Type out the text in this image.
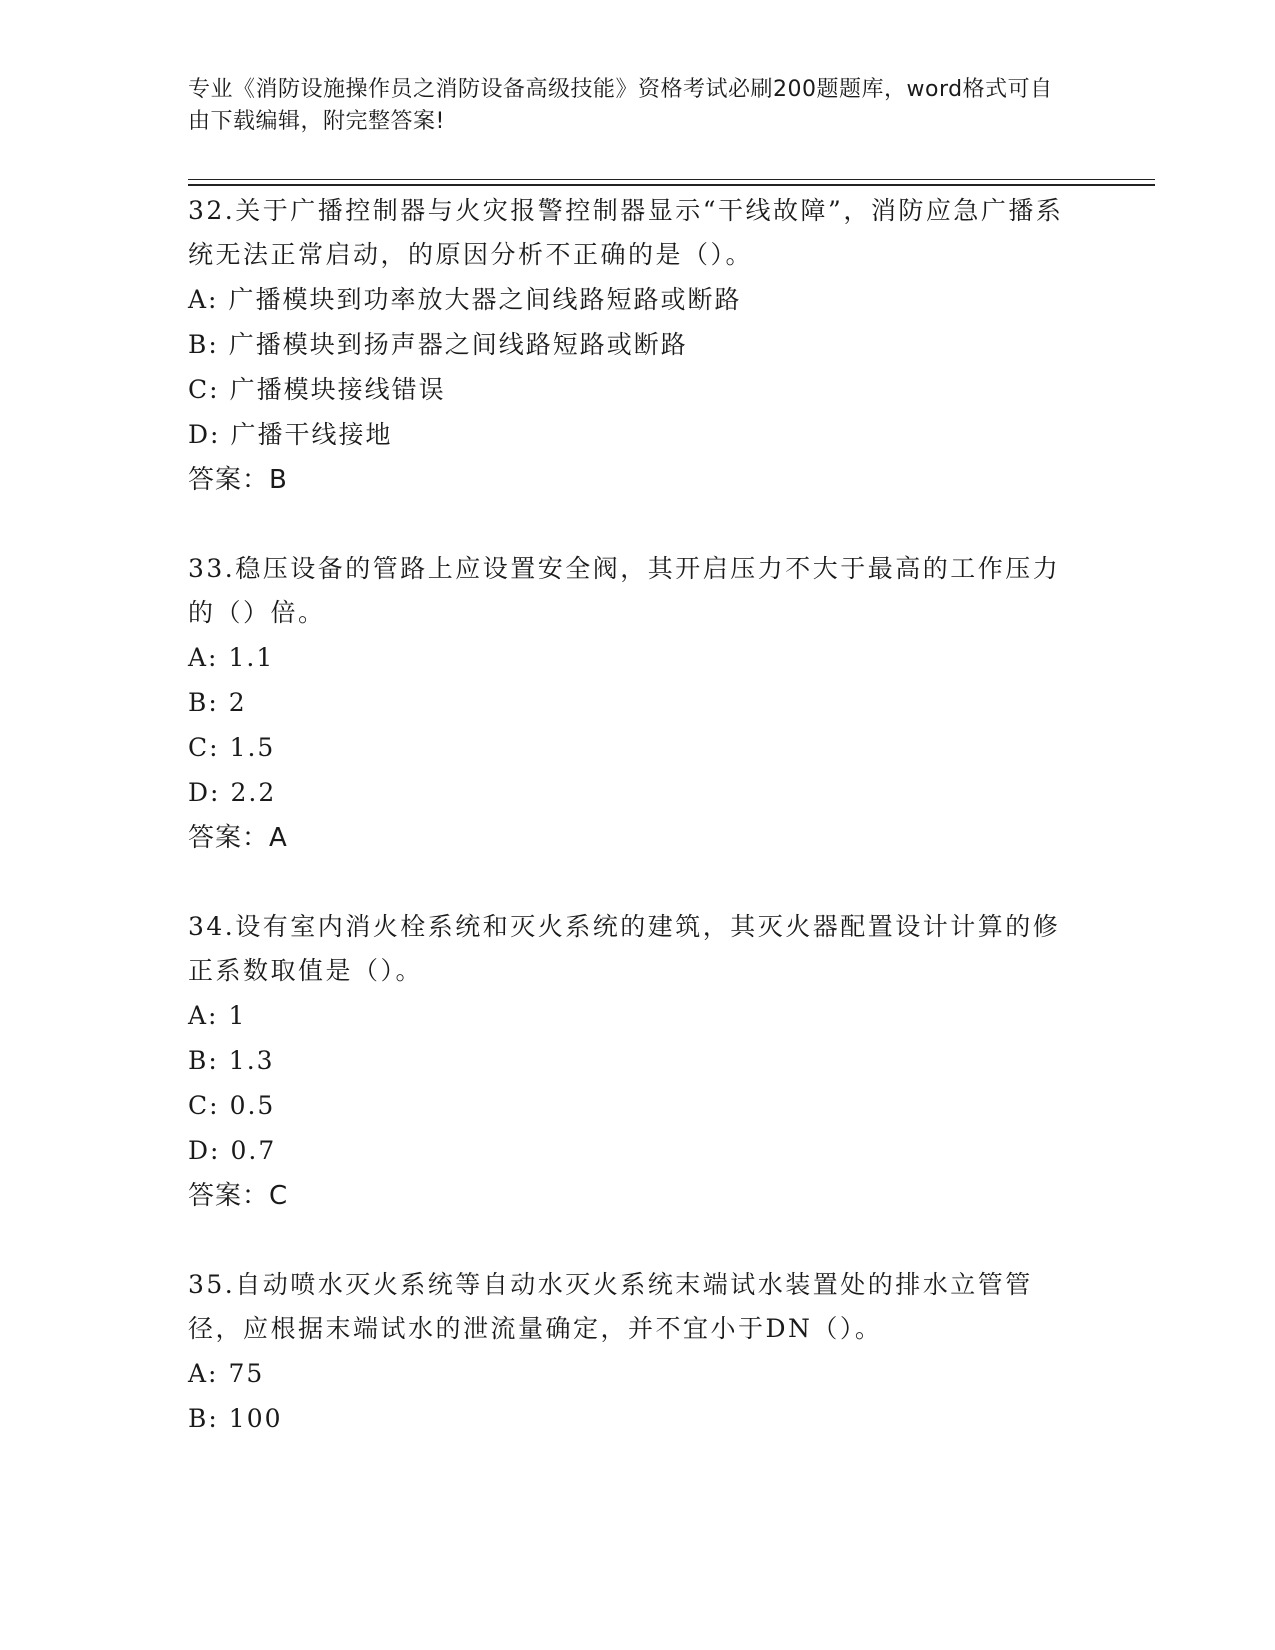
专业《消防设施操作员之消防设备高级技能》资格考试必刷200题题库，word格式可自由下载编辑，附完整答案!
32.关于广播控制器与火灾报警控制器显示“干线故障”，消防应急广播系统无法正常启动，的原因分析不正确的是（）。
A: 广播模块到功率放大器之间线路短路或断路
B: 广播模块到扬声器之间线路短路或断路
C: 广播模块接线错误
D: 广播干线接地
答案：B
33.稳压设备的管路上应设置安全阀，其开启压力不大于最高的工作压力的（）倍。
A: 1.1
B: 2
C: 1.5
D: 2.2
答案：A
34.设有室内消火栓系统和灭火系统的建筑，其灭火器配置设计计算的修正系数取值是（）。
A: 1
B: 1.3
C: 0.5
D: 0.7
答案：C
35.自动喷水灭火系统等自动水灭火系统末端试水装置处的排水立管管径，应根据末端试水的泄流量确定，并不宜小于DN（）。
A: 75
B: 100
